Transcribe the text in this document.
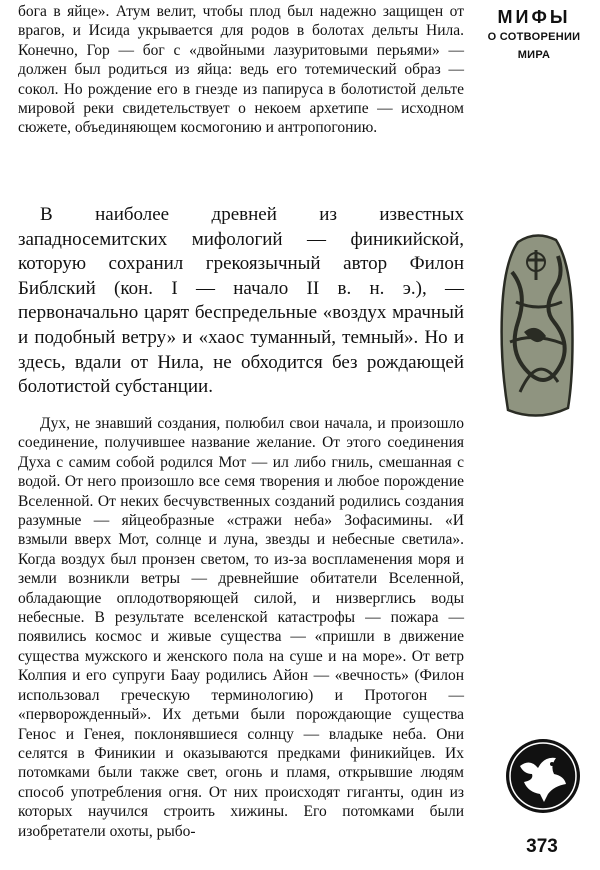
бога в яйце». Атум велит, чтобы плод был надежно защищен от врагов, и Исида укрывается для родов в болотах дельты Нила. Конечно, Гор — бог с «двойными лазуритовыми перьями» — должен был родиться из яйца: ведь его тотемический образ — сокол. Но рождение его в гнезде из папируса в болотистой дельте мировой реки свидетельствует о некоем архетипе — исходном сюжете, объединяющем космогонию и антропогонию.

В наиболее древней из известных западносемитских мифологий — финикийской, которую сохранил грекоязычный автор Филон Библский (кон. I — начало II в. н. э.), — первоначально царят беспредельные «воздух мрачный и подобный ветру» и «хаос туманный, темный». Но и здесь, вдали от Нила, не обходится без рождающей болотистой субстанции.

Дух, не знавший создания, полюбил свои начала, и произошло соединение, получившее название желание. От этого соединения Духа с самим собой родился Мот — ил либо гниль, смешанная с водой. От него произошло все семя творения и любое порождение Вселенной. От неких бесчувственных созданий родились создания разумные — яйцеобразные «стражи неба» Зофасимины. «И взмыли вверх Мот, солнце и луна, звезды и небесные светила». Когда воздух был пронзен светом, то из-за воспламенения моря и земли возникли ветры — древнейшие обитатели Вселенной, обладающие оплодотворяющей силой, и низверглись воды небесные. В результате вселенской катастрофы — пожара — появились космос и живые существа — «пришли в движение существа мужского и женского пола на суше и на море». От ветр Колпия и его супруги Баау родились Айон — «вечность» (Филон использовал греческую терминологию) и Протогон — «перворожденный». Их детьми были порождающие существа Генос и Генея, поклонявшиеся солнцу — владыке неба. Они селятся в Финикии и оказываются предками финикийцев. Их потомками были также свет, огонь и пламя, открывшие людям способ употребления огня. От них происходят гиганты, один из которых научился строить хижины. Его потомками были изобретатели охоты, рыбо-

МИФЫ
О СОТВОРЕНИИ
МИРА
373
